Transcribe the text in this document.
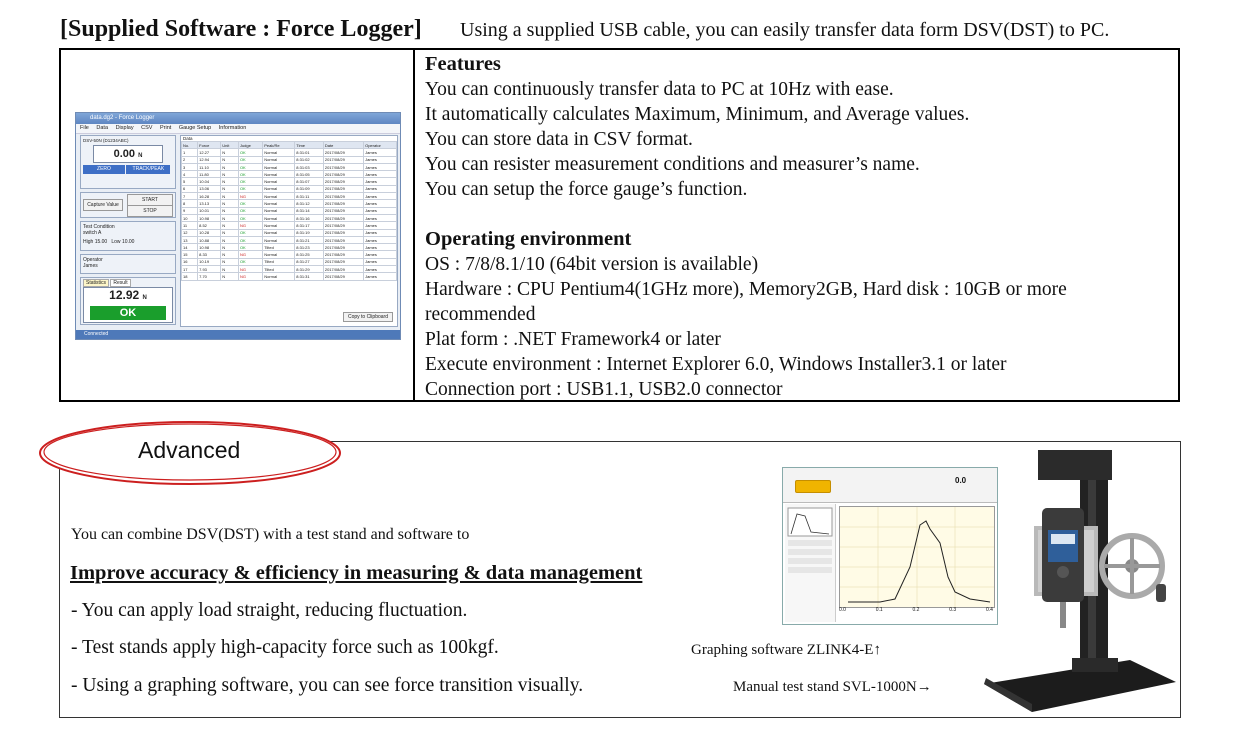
[Supplied Software : Force Logger] Using a supplied USB cable, you can easily transfer data form DSV(DST) to PC.
data.dg2 - Force Logger
File Data Display CSV Print Gauge Setup Information
DSV-50N (D1234ABC)
0.00 N
ZERO	TRACK/PEAK
Capture Value
START
STOP
Test Condition
switch A
High 15.00 Low 10.00
Operator
James
Statistics Result
12.92 N
OK
Data
No.	Force	Unit	Judge	Peak/Re	Time	Date	Operator
1	12.27	N	OK	Normal	8:31:01	2017/08/29	James
2	12.94	N	OK	Normal	8:31:02	2017/08/29	James
3	11.10	N	OK	Normal	8:31:03	2017/08/29	James
4	11.80	N	OK	Normal	8:31:05	2017/08/29	James
5	10.04	N	OK	Normal	8:31:07	2017/08/29	James
6	13.06	N	OK	Normal	8:31:09	2017/08/29	James
7	16.28	N	NG	Normal	8:31:11	2017/08/29	James
8	13.13	N	OK	Normal	8:31:12	2017/08/29	James
9	10.01	N	OK	Normal	8:31:14	2017/08/29	James
10	10.98	N	OK	Normal	8:31:16	2017/08/29	James
11	8.52	N	NG	Normal	8:31:17	2017/08/29	James
12	10.28	N	OK	Normal	8:31:19	2017/08/29	James
13	10.88	N	OK	Normal	8:31:21	2017/08/29	James
14	10.98	N	OK	Tilted	8:31:23	2017/08/29	James
15	8.33	N	NG	Normal	8:31:25	2017/08/29	James
16	10.19	N	OK	Tilted	8:31:27	2017/08/29	James
17	7.93	N	NG	Tilted	8:31:29	2017/08/29	James
18	7.70	N	NG	Normal	8:31:31	2017/08/29	James
Copy to Clipboard
Connected
Features
You can continuously transfer data to PC at 10Hz with ease.
It automatically calculates Maximum, Minimum, and Average values.
You can store data in CSV format.
You can resister measurement conditions and measurer’s name.
You can setup the force gauge’s function.
Operating environment
OS : 7/8/8.1/10 (64bit version is available)
Hardware : CPU Pentium4(1GHz more), Memory2GB, Hard disk : 10GB or more
recommended
Plat form : .NET Framework4 or later
Execute environment : Internet Explorer 6.0, Windows Installer3.1 or later
Connection port : USB1.1, USB2.0 connector
Advanced
You can combine DSV(DST) with a test stand and software to
Improve accuracy & efficiency in measuring & data management
- You can apply load straight, reducing fluctuation.
- Test stands apply high-capacity force such as 100kgf.
- Using a graphing software, you can see force transition visually.
0.0
0.0	0.1	0.2	0.3	0.4
Graphing software ZLINK4-E↑
Manual test stand SVL-1000N→
